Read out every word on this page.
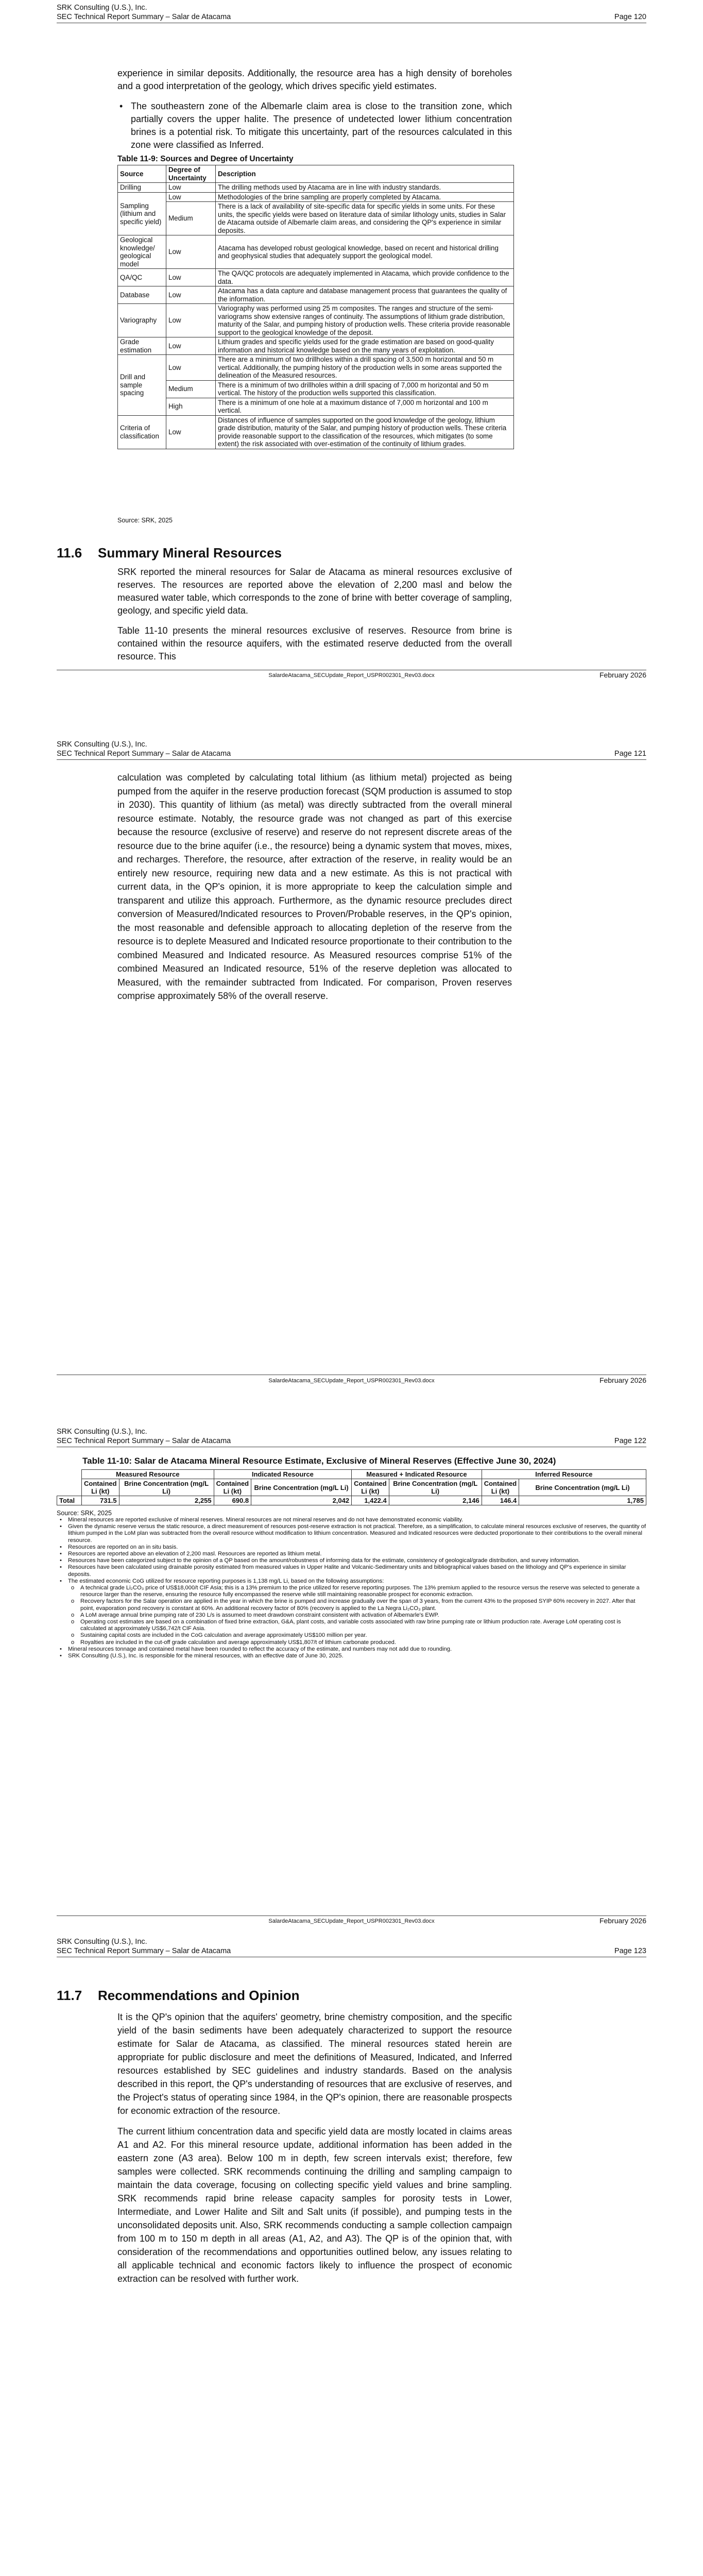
SRK Consulting (U.S.), Inc.
SEC Technical Report Summary – Salar de Atacama	Page 120

experience in similar deposits. Additionally, the resource area has a high density of boreholes and a good interpretation of the geology, which drives specific yield estimates.

• The southeastern zone of the Albemarle claim area is close to the transition zone, which partially covers the upper halite. The presence of undetected lower lithium concentration brines is a potential risk. To mitigate this uncertainty, part of the resources calculated in this zone were classified as Inferred.

Table 11-9: Sources and Degree of Uncertainty
Source	Degree of Uncertainty	Description
Drilling	Low	The drilling methods used by Atacama are in line with industry standards.
Sampling (lithium and specific yield)	Low	Methodologies of the brine sampling are properly completed by Atacama.
	Medium	There is a lack of availability of site-specific data for specific yields in some units. For these units, the specific yields were based on literature data of similar lithology units, studies in Salar de Atacama outside of Albemarle claim areas, and considering the QP's experience in similar deposits.
Geological knowledge/ geological model	Low	Atacama has developed robust geological knowledge, based on recent and historical drilling and geophysical studies that adequately support the geological model.
QA/QC	Low	The QA/QC protocols are adequately implemented in Atacama, which provide confidence to the data.
Database	Low	Atacama has a data capture and database management process that guarantees the quality of the information.
Variography	Low	Variography was performed using 25 m composites. The ranges and structure of the semi-variograms show extensive ranges of continuity. The assumptions of lithium grade distribution, maturity of the Salar, and pumping history of production wells. These criteria provide reasonable support to the geological knowledge of the deposit.
Grade estimation	Low	Lithium grades and specific yields used for the grade estimation are based on good-quality information and historical knowledge based on the many years of exploitation.
Drill and sample spacing	Low	There are a minimum of two drillholes within a drill spacing of 3,500 m horizontal and 50 m vertical. Additionally, the pumping history of the production wells in some areas supported the delineation of the Measured resources.
	Medium	There is a minimum of two drillholes within a drill spacing of 7,000 m horizontal and 50 m vertical. The history of the production wells supported this classification.
	High	There is a minimum of one hole at a maximum distance of 7,000 m horizontal and 100 m vertical.
Criteria of classification	Low	Distances of influence of samples supported on the good knowledge of the geology, lithium grade distribution, maturity of the Salar, and pumping history of production wells. These criteria provide reasonable support to the classification of the resources, which mitigates (to some extent) the risk associated with over-estimation of the continuity of lithium grades.
Source: SRK, 2025
11.6 Summary Mineral Resources

SRK reported the mineral resources for Salar de Atacama as mineral resources exclusive of reserves. The resources are reported above the elevation of 2,200 masl and below the measured water table, which corresponds to the zone of brine with better coverage of sampling, geology, and specific yield data.

Table 11-10 presents the mineral resources exclusive of reserves. Resource from brine is contained within the resource aquifers, with the estimated reserve deducted from the overall resource. This

SalardeAtacama_SECUpdate_Report_USPR002301_Rev03.docx	February 2026
SRK Consulting (U.S.), Inc.
SEC Technical Report Summary – Salar de Atacama	Page 121

calculation was completed by calculating total lithium (as lithium metal) projected as being pumped from the aquifer in the reserve production forecast (SQM production is assumed to stop in 2030). This quantity of lithium (as metal) was directly subtracted from the overall mineral resource estimate. Notably, the resource grade was not changed as part of this exercise because the resource (exclusive of reserve) and reserve do not represent discrete areas of the resource due to the brine aquifer (i.e., the resource) being a dynamic system that moves, mixes, and recharges. Therefore, the resource, after extraction of the reserve, in reality would be an entirely new resource, requiring new data and a new estimate. As this is not practical with current data, in the QP's opinion, it is more appropriate to keep the calculation simple and transparent and utilize this approach. Furthermore, as the dynamic resource precludes direct conversion of Measured/Indicated resources to Proven/Probable reserves, in the QP's opinion, the most reasonable and defensible approach to allocating depletion of the reserve from the resource is to deplete Measured and Indicated resource proportionate to their contribution to the combined Measured and Indicated resource. As Measured resources comprise 51% of the combined Measured an Indicated resource, 51% of the reserve depletion was allocated to Measured, with the remainder subtracted from Indicated. For comparison, Proven reserves comprise approximately 58% of the overall reserve.

SalardeAtacama_SECUpdate_Report_USPR002301_Rev03.docx	February 2026
SRK Consulting (U.S.), Inc.
SEC Technical Report Summary – Salar de Atacama	Page 122
Table 11-10: Salar de Atacama Mineral Resource Estimate, Exclusive of Mineral Reserves (Effective June 30, 2024)
	Measured Resource		Indicated Resource		Measured + Indicated Resource		Inferred Resource	
	Contained Li (kt)	Brine Concentration (mg/L Li)	Contained Li (kt)	Brine Concentration (mg/L Li)	Contained Li (kt)	Brine Concentration (mg/L Li)	Contained Li (kt)	Brine Concentration (mg/L Li)
Total	731.5	2,255	690.8	2,042	1,422.4	2,146	146.4	1,785
Source: SRK, 2025
• Mineral resources are reported exclusive of mineral reserves. Mineral resources are not mineral reserves and do not have demonstrated economic viability.
• Given the dynamic reserve versus the static resource, a direct measurement of resources post-reserve extraction is not practical. Therefore, as a simplification, to calculate mineral resources exclusive of reserves, the quantity of lithium pumped in the LoM plan was subtracted from the overall resource without modification to lithium concentration. Measured and Indicated resources were deducted proportionate to their contributions to the overall mineral resource.
• Resources are reported on an in situ basis.
• Resources are reported above an elevation of 2,200 masl. Resources are reported as lithium metal.
• Resources have been categorized subject to the opinion of a QP based on the amount/robustness of informing data for the estimate, consistency of geological/grade distribution, and survey information.
• Resources have been calculated using drainable porosity estimated from measured values in Upper Halite and Volcanic-Sedimentary units and bibliographical values based on the lithology and QP's experience in similar deposits.
• The estimated economic CoG utilized for resource reporting purposes is 1,138 mg/L Li, based on the following assumptions:
o A technical grade Li₂CO₃ price of US$18,000/t CIF Asia; this is a 13% premium to the price utilized for reserve reporting purposes. The 13% premium applied to the resource versus the reserve was selected to generate a resource larger than the reserve, ensuring the resource fully encompassed the reserve while still maintaining reasonable prospect for economic extraction.
o Recovery factors for the Salar operation are applied in the year in which the brine is pumped and increase gradually over the span of 3 years, from the current 43% to the proposed SYIP 60% recovery in 2027. After that point, evaporation pond recovery is constant at 60%. An additional recovery factor of 80% (recovery is applied to the La Negra Li₂CO₃ plant.
o A LoM average annual brine pumping rate of 230 L/s is assumed to meet drawdown constraint consistent with activation of Albemarle's EWP.
o Operating cost estimates are based on a combination of fixed brine extraction, G&A, plant costs, and variable costs associated with raw brine pumping rate or lithium production rate. Average LoM operating cost is calculated at approximately US$6,742/t CIF Asia.
o Sustaining capital costs are included in the CoG calculation and average approximately US$100 million per year.
o Royalties are included in the cut-off grade calculation and average approximately US$1,807/t of lithium carbonate produced.
• Mineral resources tonnage and contained metal have been rounded to reflect the accuracy of the estimate, and numbers may not add due to rounding.
• SRK Consulting (U.S.), Inc. is responsible for the mineral resources, with an effective date of June 30, 2025.
SalardeAtacama_SECUpdate_Report_USPR002301_Rev03.docx	February 2026
SRK Consulting (U.S.), Inc.
SEC Technical Report Summary – Salar de Atacama	Page 123
11.7 Recommendations and Opinion

It is the QP's opinion that the aquifers' geometry, brine chemistry composition, and the specific yield of the basin sediments have been adequately characterized to support the resource estimate for Salar de Atacama, as classified. The mineral resources stated herein are appropriate for public disclosure and meet the definitions of Measured, Indicated, and Inferred resources established by SEC guidelines and industry standards. Based on the analysis described in this report, the QP's understanding of resources that are exclusive of reserves, and the Project's status of operating since 1984, in the QP's opinion, there are reasonable prospects for economic extraction of the resource.

The current lithium concentration data and specific yield data are mostly located in claims areas A1 and A2. For this mineral resource update, additional information has been added in the eastern zone (A3 area). Below 100 m in depth, few screen intervals exist; therefore, few samples were collected. SRK recommends continuing the drilling and sampling campaign to maintain the data coverage, focusing on collecting specific yield values and brine sampling. SRK recommends rapid brine release capacity samples for porosity tests in Lower, Intermediate, and Lower Halite and Silt and Salt units (if possible), and pumping tests in the unconsolidated deposits unit. Also, SRK recommends conducting a sample collection campaign from 100 m to 150 m depth in all areas (A1, A2, and A3). The QP is of the opinion that, with consideration of the recommendations and opportunities outlined below, any issues relating to all applicable technical and economic factors likely to influence the prospect of economic extraction can be resolved with further work.
